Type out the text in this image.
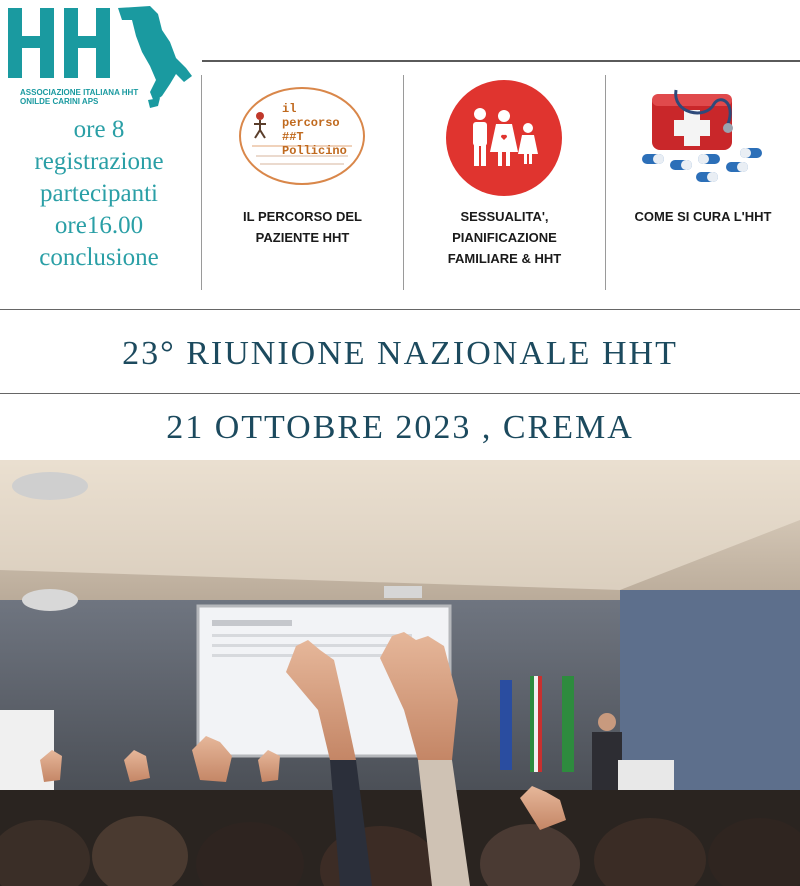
ASSOCIAZIONE ITALIANA HHT
ONILDE CARINI APS
ore 8
registrazione
partecipanti
ore16.00
conclusione
il percorso
##T Pollicino
IL PERCORSO DEL
PAZIENTE HHT
SESSUALITA',
PIANIFICAZIONE
FAMILIARE & HHT
COME SI CURA L'HHT
23° RIUNIONE NAZIONALE HHT
21 OTTOBRE 2023 , CREMA
